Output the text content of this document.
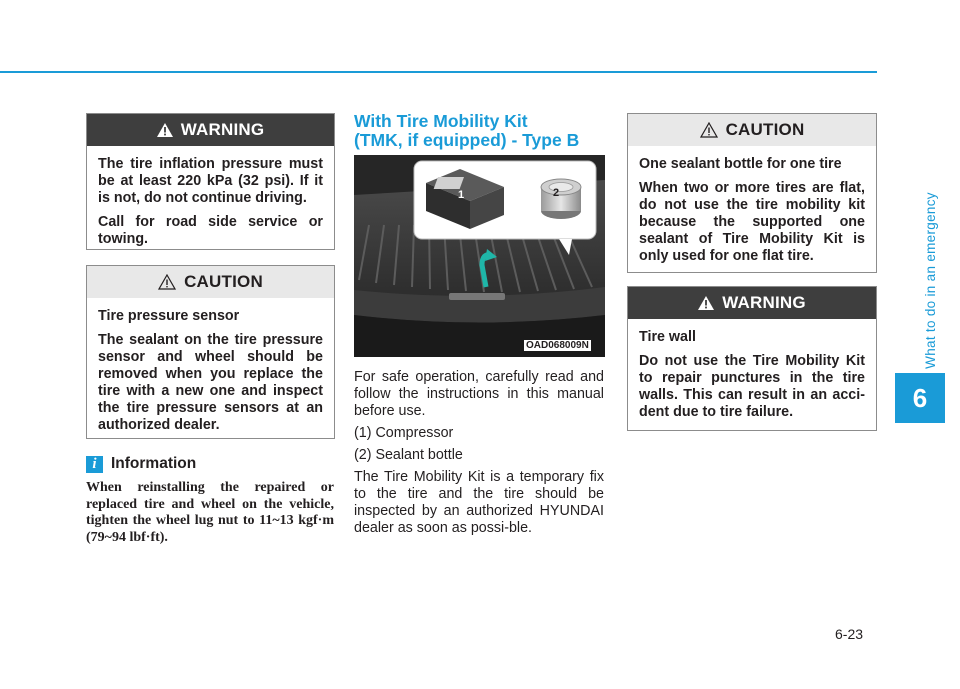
What to do in an emergency
6
6-23
WARNING

The tire inflation pressure must be at least 220 kPa (32 psi). If it is not, do not continue driving.

Call for road side service or towing.

CAUTION

Tire pressure sensor

The sealant on the tire pressure sensor and wheel should be removed when you replace the tire with a new one and inspect the tire pressure sensors at an authorized dealer.

i Information

When reinstalling the repaired or replaced tire and wheel on the vehicle, tighten the wheel lug nut to 11~13 kgf·m (79~94 lbf·ft).

With Tire Mobility Kit
(TMK, if equipped) - Type B
1	2
OAD068009N

For safe operation, carefully read and follow the instructions in this manual before use.

(1) Compressor

(2) Sealant bottle

The Tire Mobility Kit is a temporary fix to the tire and the tire should be inspected by an authorized HYUNDAI dealer as soon as possi-ble.

CAUTION

One sealant bottle for one tire

When two or more tires are flat, do not use the tire mobility kit because the supported one sealant of Tire Mobility Kit is only used for one flat tire.

WARNING

Tire wall

Do not use the Tire Mobility Kit to repair punctures in the tire walls. This can result in an acci-dent due to tire failure.
